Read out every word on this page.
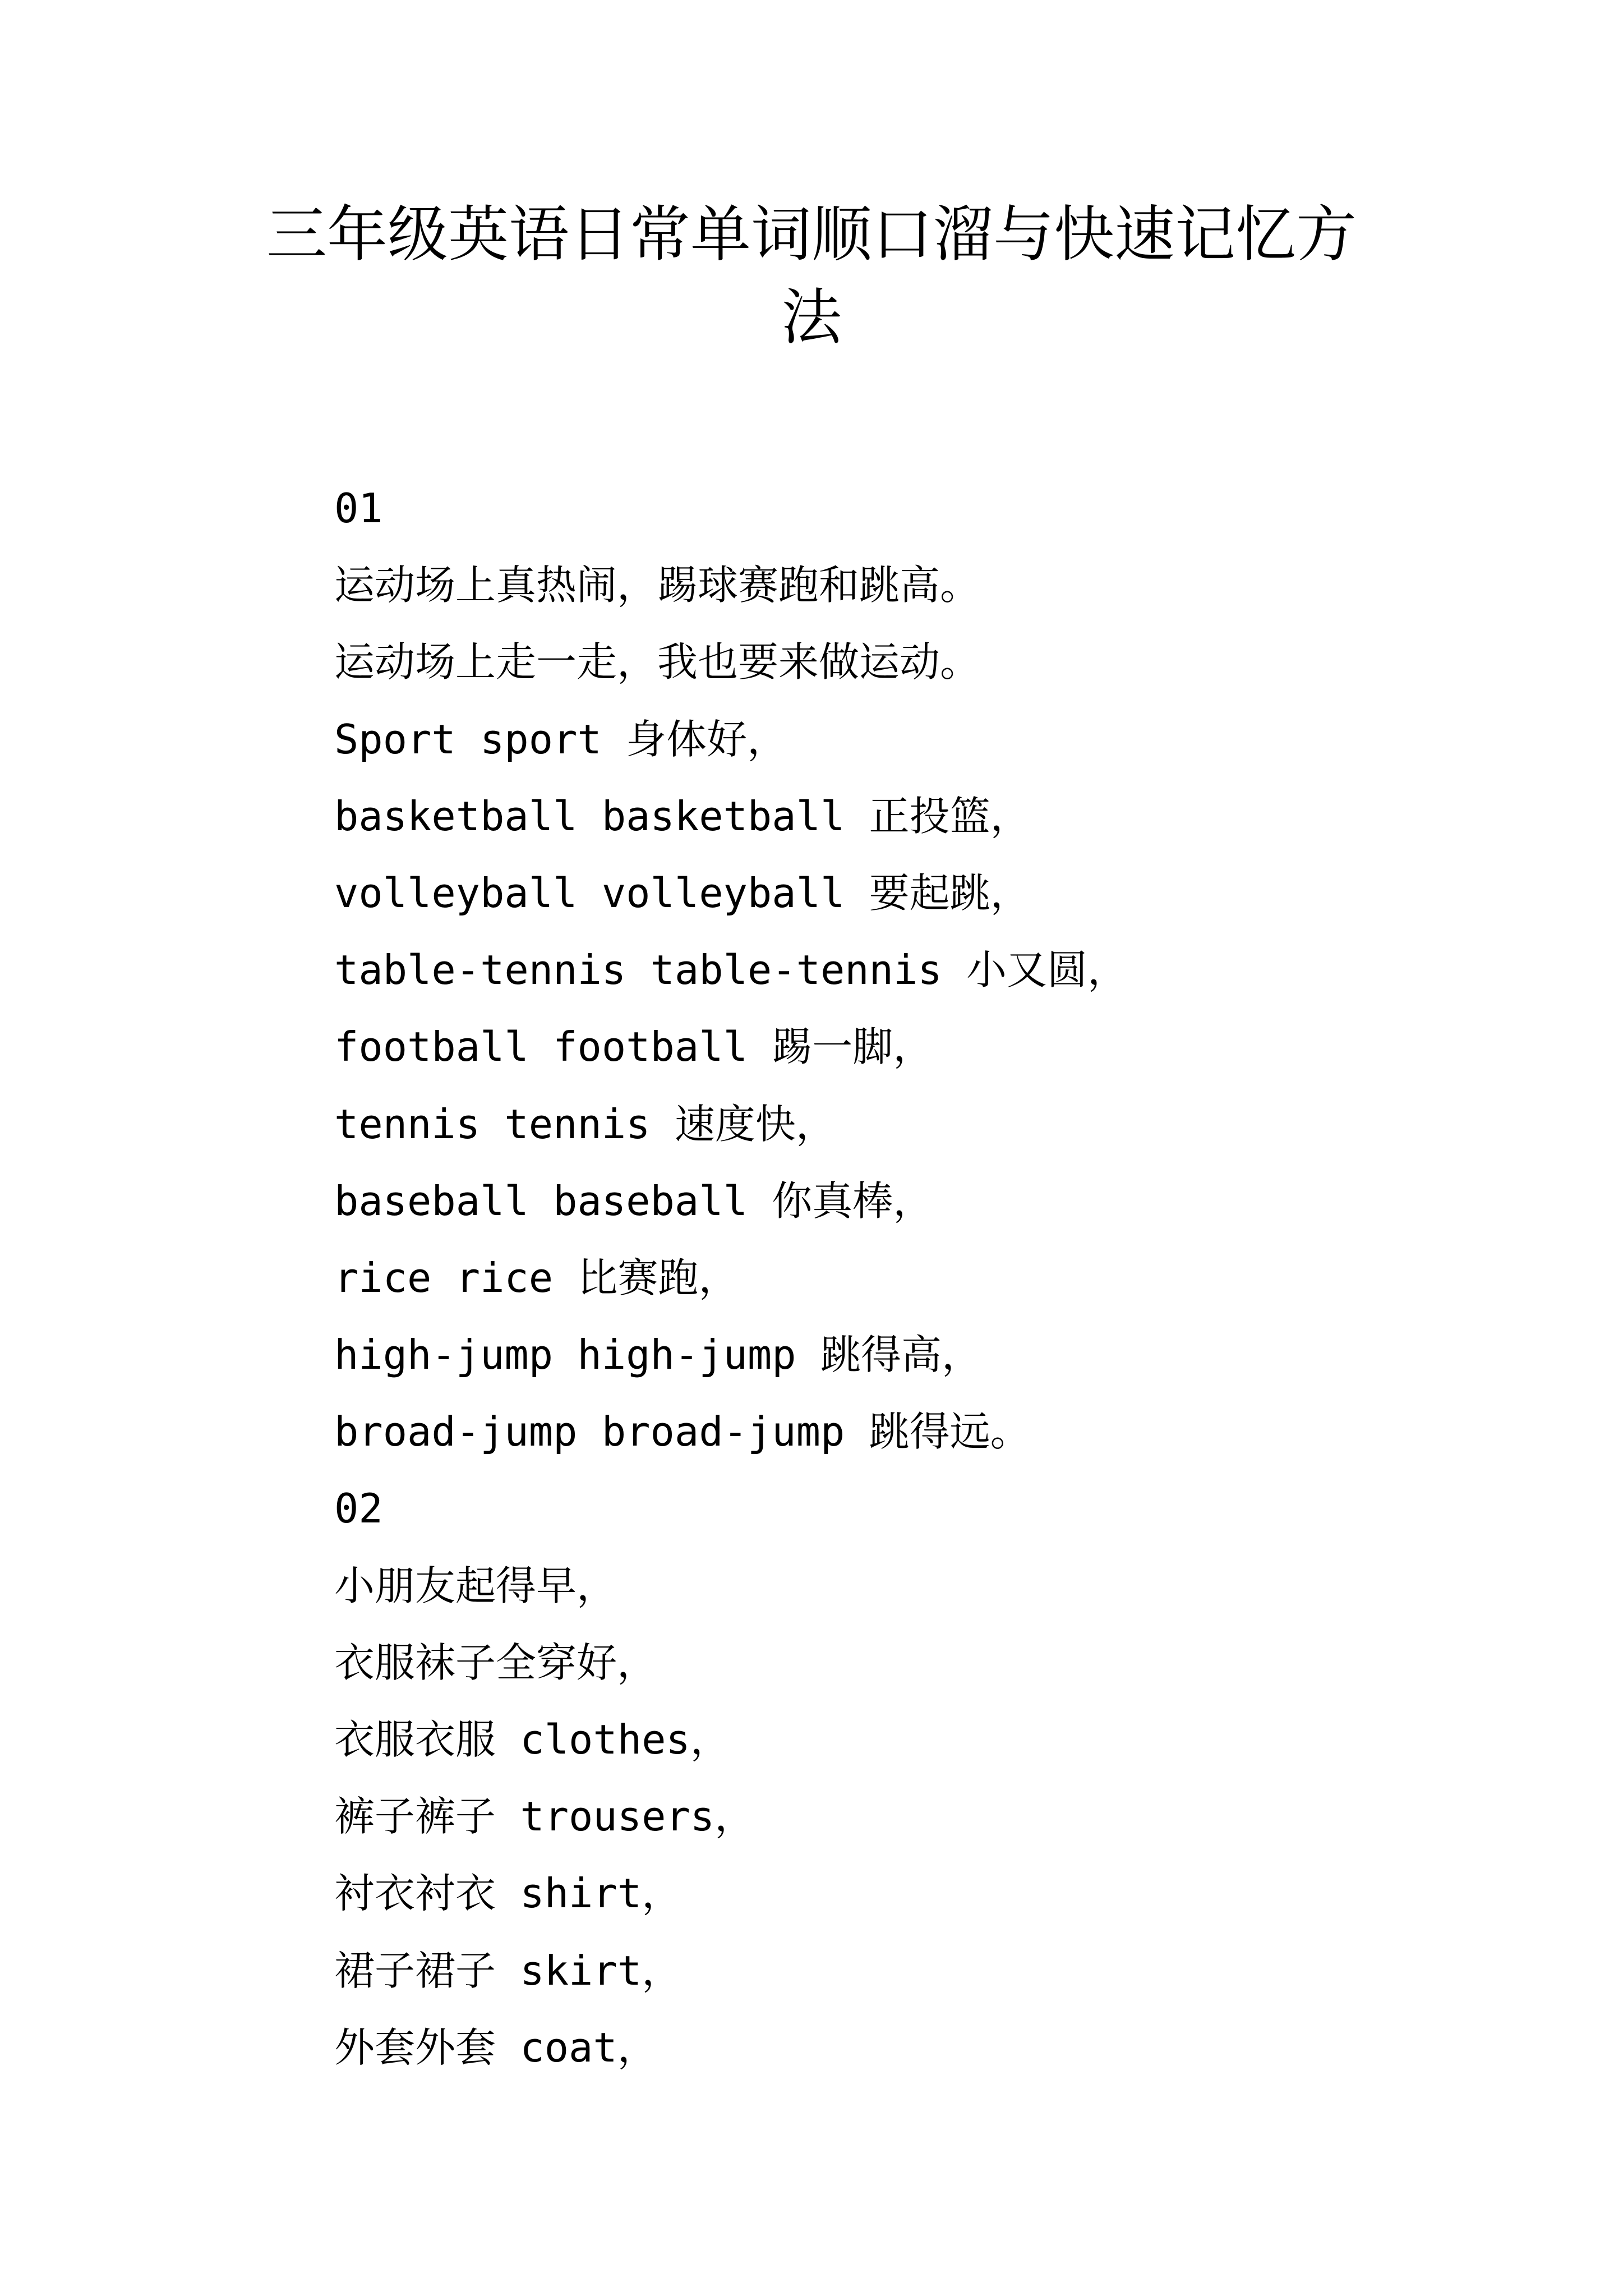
三年级英语日常单词顺口溜与快速记忆方
法
01
运动场上真热闹，踢球赛跑和跳高。
运动场上走一走，我也要来做运动。
Sport sport 身体好，
basketball basketball 正投篮，
volleyball volleyball 要起跳，
table-tennis table-tennis 小又圆，
football football 踢一脚，
tennis tennis 速度快，
baseball baseball 你真棒，
rice rice 比赛跑，
high-jump high-jump 跳得高，
broad-jump broad-jump 跳得远。
02
小朋友起得早，
衣服袜子全穿好，
衣服衣服 clothes，
裤子裤子 trousers，
衬衣衬衣 shirt，
裙子裙子 skirt，
外套外套 coat，
